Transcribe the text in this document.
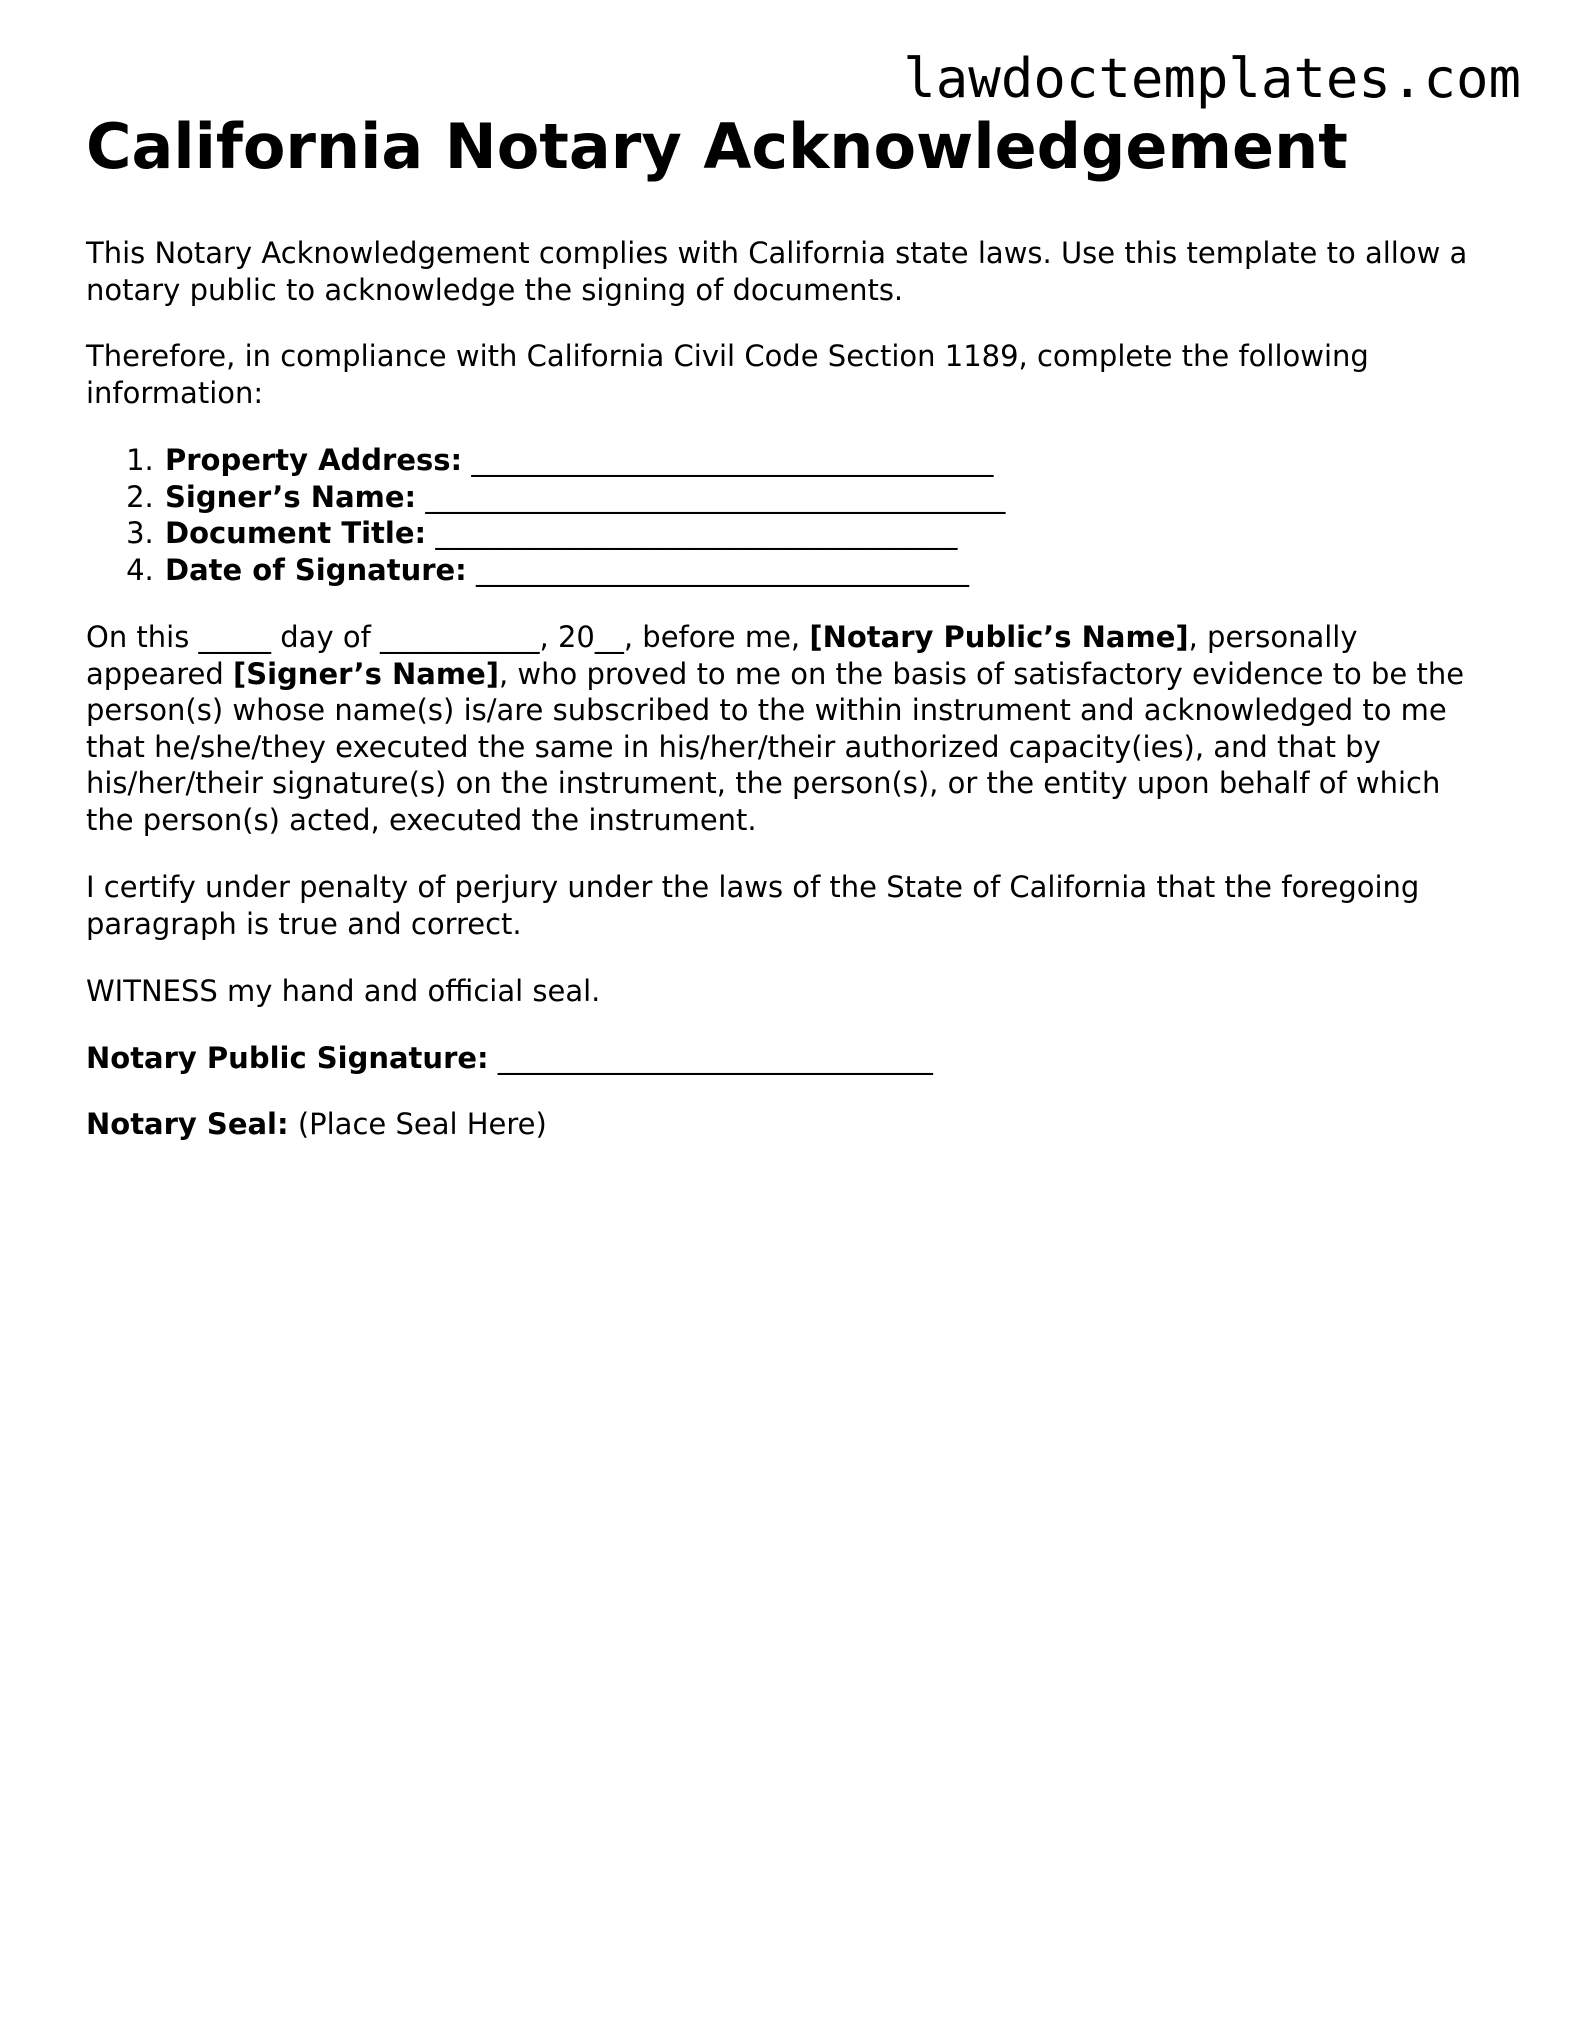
lawdoctemplates.com
California Notary Acknowledgement

This Notary Acknowledgement complies with California state laws. Use this template to allow a notary public to acknowledge the signing of documents.

Therefore, in compliance with California Civil Code Section 1189, complete the following information:

1. Property Address: ____________________________________
2. Signer’s Name: ________________________________________
3. Document Title: ____________________________________
4. Date of Signature: __________________________________

On this _____ day of ___________, 20__, before me, [Notary Public’s Name], personally appeared [Signer’s Name], who proved to me on the basis of satisfactory evidence to be the person(s) whose name(s) is/are subscribed to the within instrument and acknowledged to me that he/she/they executed the same in his/her/their authorized capacity(ies), and that by his/her/their signature(s) on the instrument, the person(s), or the entity upon behalf of which the person(s) acted, executed the instrument.

I certify under penalty of perjury under the laws of the State of California that the foregoing paragraph is true and correct.

WITNESS my hand and official seal.

Notary Public Signature: ______________________________

Notary Seal: (Place Seal Here)
